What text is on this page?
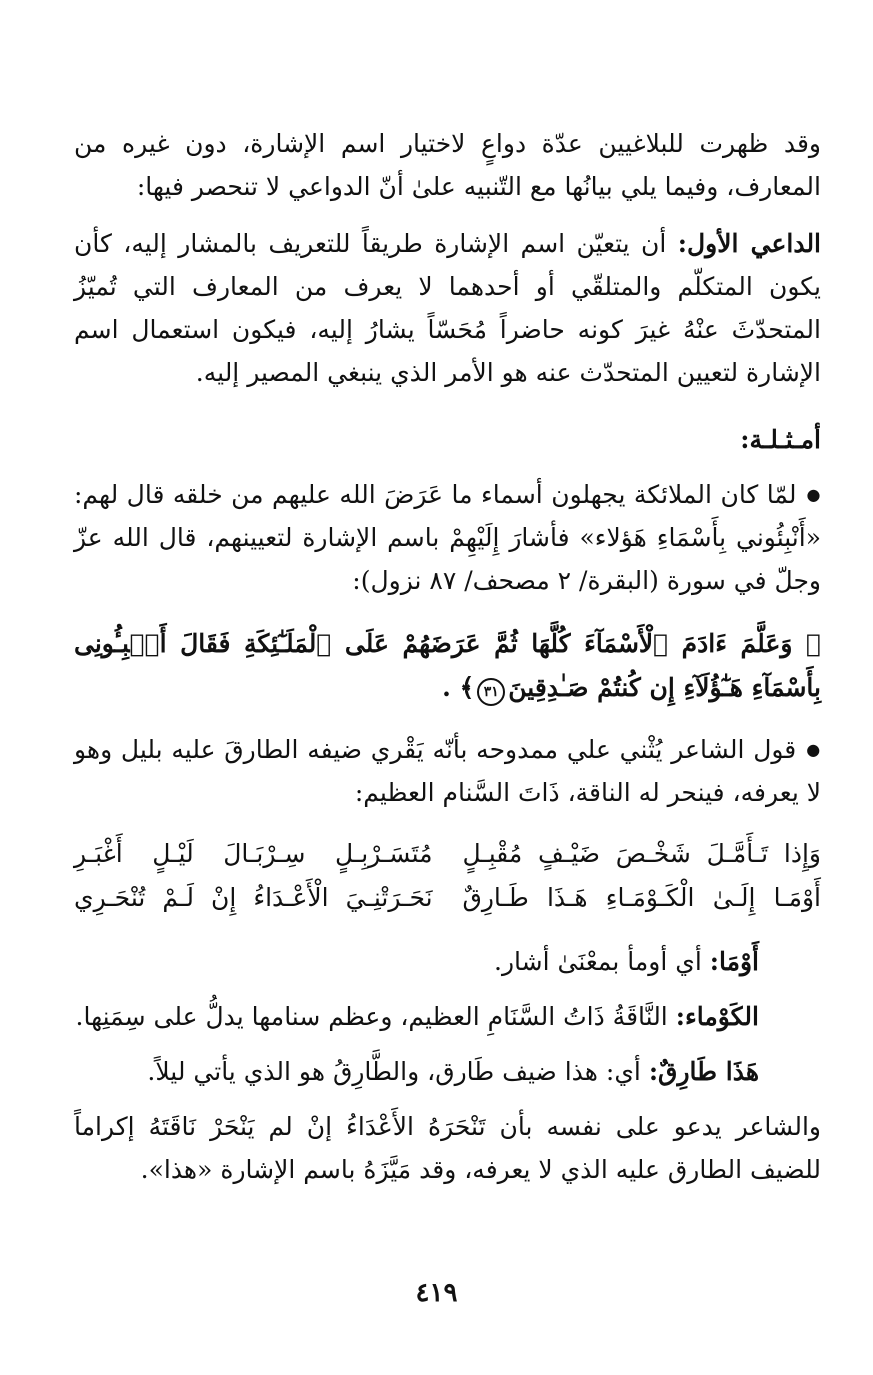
وقد ظهرت للبلاغيين عدّة دواعٍ لاختيار اسم الإشارة، دون غيره من المعارف، وفيما يلي بيانُها مع التّنبيه علىٰ أنّ الدواعي لا تنحصر فيها:

الداعي الأول: أن يتعيّن اسم الإشارة طريقاً للتعريف بالمشار إليه، كأن يكون المتكلّم والمتلقّي أو أحدهما لا يعرف من المعارف التي تُميّزُ المتحدّثَ عنْهُ غيرَ كونه حاضراً مُحَسّاً يشارُ إليه، فيكون استعمال اسم الإشارة لتعيين المتحدّث عنه هو الأمر الذي ينبغي المصير إليه.

أمـثـلـة:

● لمّا كان الملائكة يجهلون أسماء ما عَرَضَ الله عليهم من خلقه قال لهم: «أَنْبِئُوني بِأَسْمَاءِ هَؤلاء» فأشارَ إِلَيْهِمْ باسم الإشارة لتعيينهم، قال الله عزّ وجلّ في سورة (البقرة/ ٢ مصحف/ ٨٧ نزول):

﴿ وَعَلَّمَ ءَادَمَ ٱلْأَسْمَآءَ كُلَّهَا ثُمَّ عَرَضَهُمْ عَلَى ٱلْمَلَـٰٓئِكَةِ فَقَالَ أَنۢبِـُٔونِى بِأَسْمَآءِ هَـٰٓؤُلَآءِ إِن كُنتُمْ صَـٰدِقِينَ٣١﴾ .

● قول الشاعر يُثْني علي ممدوحه بأنّه يَقْري ضيفه الطارقَ عليه بليل وهو لا يعرفه، فينحر له الناقة، ذَاتَ السَّنام العظيم:

وَإِذا تَـأَمَّـلَ شَخْـصَ ضَيْـفٍ مُقْبِـلٍ
مُتَسَـرْبِـلٍ سِـرْبَـالَ لَيْـلٍ أَغْبَـرِ
أَوْمَـا إِلَـىٰ الْكَـوْمَـاءِ هَـذَا طَـارِقٌ
نَحَـرَتْنِـيَ الْأَعْـدَاءُ إِنْ لَـمْ تُنْحَـرِي

أَوْمَا: أي أومأ بمعْنَىٰ أشار.

الكَوْماء: النَّاقَةُ ذَاتُ السَّنَامِ العظيم، وعظم سنامها يدلُّ على سِمَنِها.

هَذَا طَارِقٌ: أي: هذا ضيف طَارق، والطَّارِقُ هو الذي يأتي ليلاً.

والشاعر يدعو على نفسه بأن تَنْحَرَهُ الأَعْدَاءُ إنْ لم يَنْحَرْ نَاقَتَهُ إكراماً للضيف الطارق عليه الذي لا يعرفه، وقد مَيَّزَهُ باسم الإشارة «هذا».

٤١٩
